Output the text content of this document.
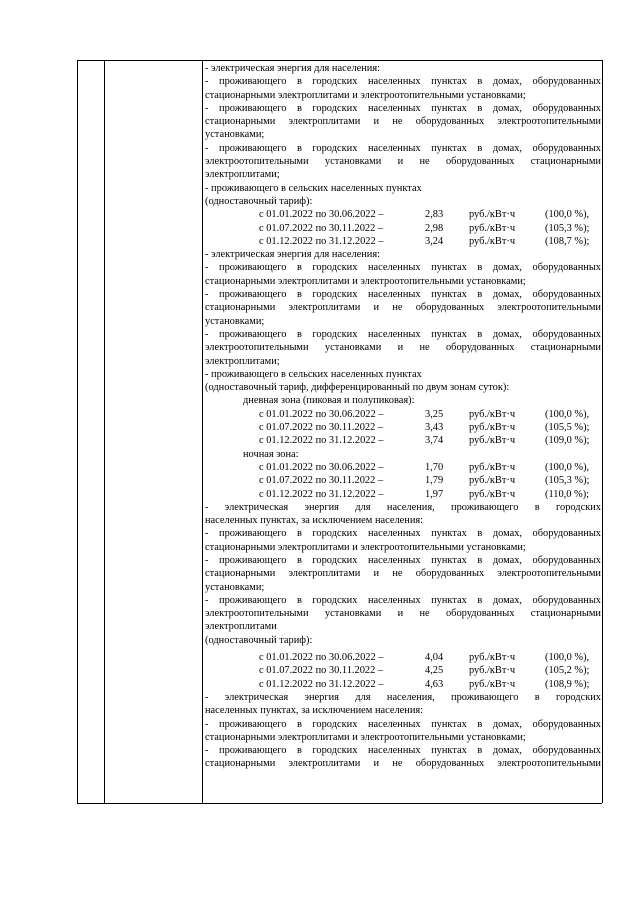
- электрическая энергия для населения:
- проживающего в городских населенных пунктах в домах, оборудованных
стационарными электроплитами и электроотопительными установками;
- проживающего в городских населенных пунктах в домах, оборудованных
стационарными электроплитами и не оборудованных электроотопительными
установками;
- проживающего в городских населенных пунктах в домах, оборудованных
электроотопительными установками и не оборудованных стационарными
электроплитами;
- проживающего в сельских населенных пунктах
(одноставочный тариф):
с 01.01.2022 по 30.06.2022 –	2,83 руб./кВт·ч	(100,0 %),
с 01.07.2022 по 30.11.2022 –	2,98 руб./кВт·ч	(105,3 %);
с 01.12.2022 по 31.12.2022 –	3,24 руб./кВт·ч	(108,7 %);
- электрическая энергия для населения:
- проживающего в городских населенных пунктах в домах, оборудованных
стационарными электроплитами и электроотопительными установками;
- проживающего в городских населенных пунктах в домах, оборудованных
стационарными электроплитами и не оборудованных электроотопительными
установками;
- проживающего в городских населенных пунктах в домах, оборудованных
электроотопительными установками и не оборудованных стационарными
электроплитами;
- проживающего в сельских населенных пунктах
(одноставочный тариф, дифференцированный по двум зонам суток):
дневная зона (пиковая и полупиковая):
с 01.01.2022 по 30.06.2022 –	3,25 руб./кВт·ч	(100,0 %),
с 01.07.2022 по 30.11.2022 –	3,43 руб./кВт·ч	(105,5 %);
с 01.12.2022 по 31.12.2022 –	3,74 руб./кВт·ч	(109,0 %);
ночная зона:
с 01.01.2022 по 30.06.2022 –	1,70 руб./кВт·ч	(100,0 %),
с 01.07.2022 по 30.11.2022 –	1,79 руб./кВт·ч	(105,3 %);
с 01.12.2022 по 31.12.2022 –	1,97 руб./кВт·ч	(110,0 %);
- электрическая энергия для населения, проживающего в городских
населенных пунктах, за исключением населения:
- проживающего в городских населенных пунктах в домах, оборудованных
стационарными электроплитами и электроотопительными установками;
- проживающего в городских населенных пунктах в домах, оборудованных
стационарными электроплитами и не оборудованных электроотопительными
установками;
- проживающего в городских населенных пунктах в домах, оборудованных
электроотопительными установками и не оборудованных стационарными
электроплитами
(одноставочный тариф):
с 01.01.2022 по 30.06.2022 –	4,04 руб./кВт·ч	(100,0 %),
с 01.07.2022 по 30.11.2022 –	4,25 руб./кВт·ч	(105,2 %);
с 01.12.2022 по 31.12.2022 –	4,63 руб./кВт·ч	(108,9 %);
- электрическая энергия для населения, проживающего в городских
населенных пунктах, за исключением населения:
- проживающего в городских населенных пунктах в домах, оборудованных
стационарными электроплитами и электроотопительными установками;
- проживающего в городских населенных пунктах в домах, оборудованных
стационарными электроплитами и не оборудованных электроотопительными
